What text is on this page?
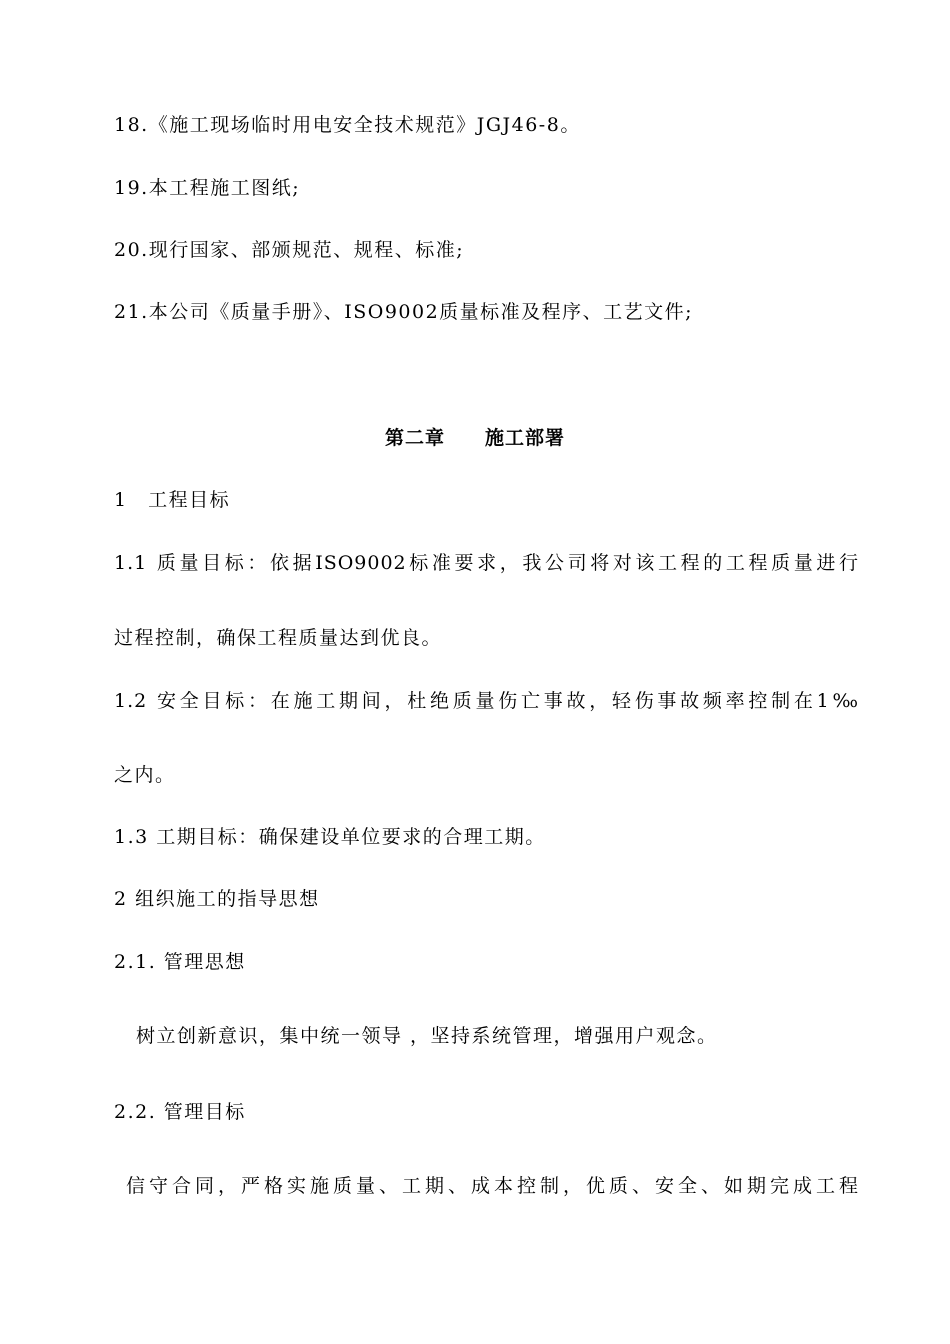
18.《施工现场临时用电安全技术规范》JGJ46-8。
19.本工程施工图纸;
20.现行国家、部颁规范、规程、标准;
21.本公司《质量手册》、ISO9002质量标准及程序、工艺文件;
第二章　　施工部署
1　工程目标
1.1 质量目标：依据ISO9002标准要求，我公司将对该工程的工程质量进行
过程控制，确保工程质量达到优良。
1.2 安全目标：在施工期间，杜绝质量伤亡事故，轻伤事故频率控制在1‰
之内。
1.3 工期目标：确保建设单位要求的合理工期。
2 组织施工的指导思想
2.1. 管理思想
树立创新意识，集中统一领导 ，坚持系统管理，增强用户观念。
2.2. 管理目标
信守合同，严格实施质量、工期、成本控制，优质、安全、如期完成工程
